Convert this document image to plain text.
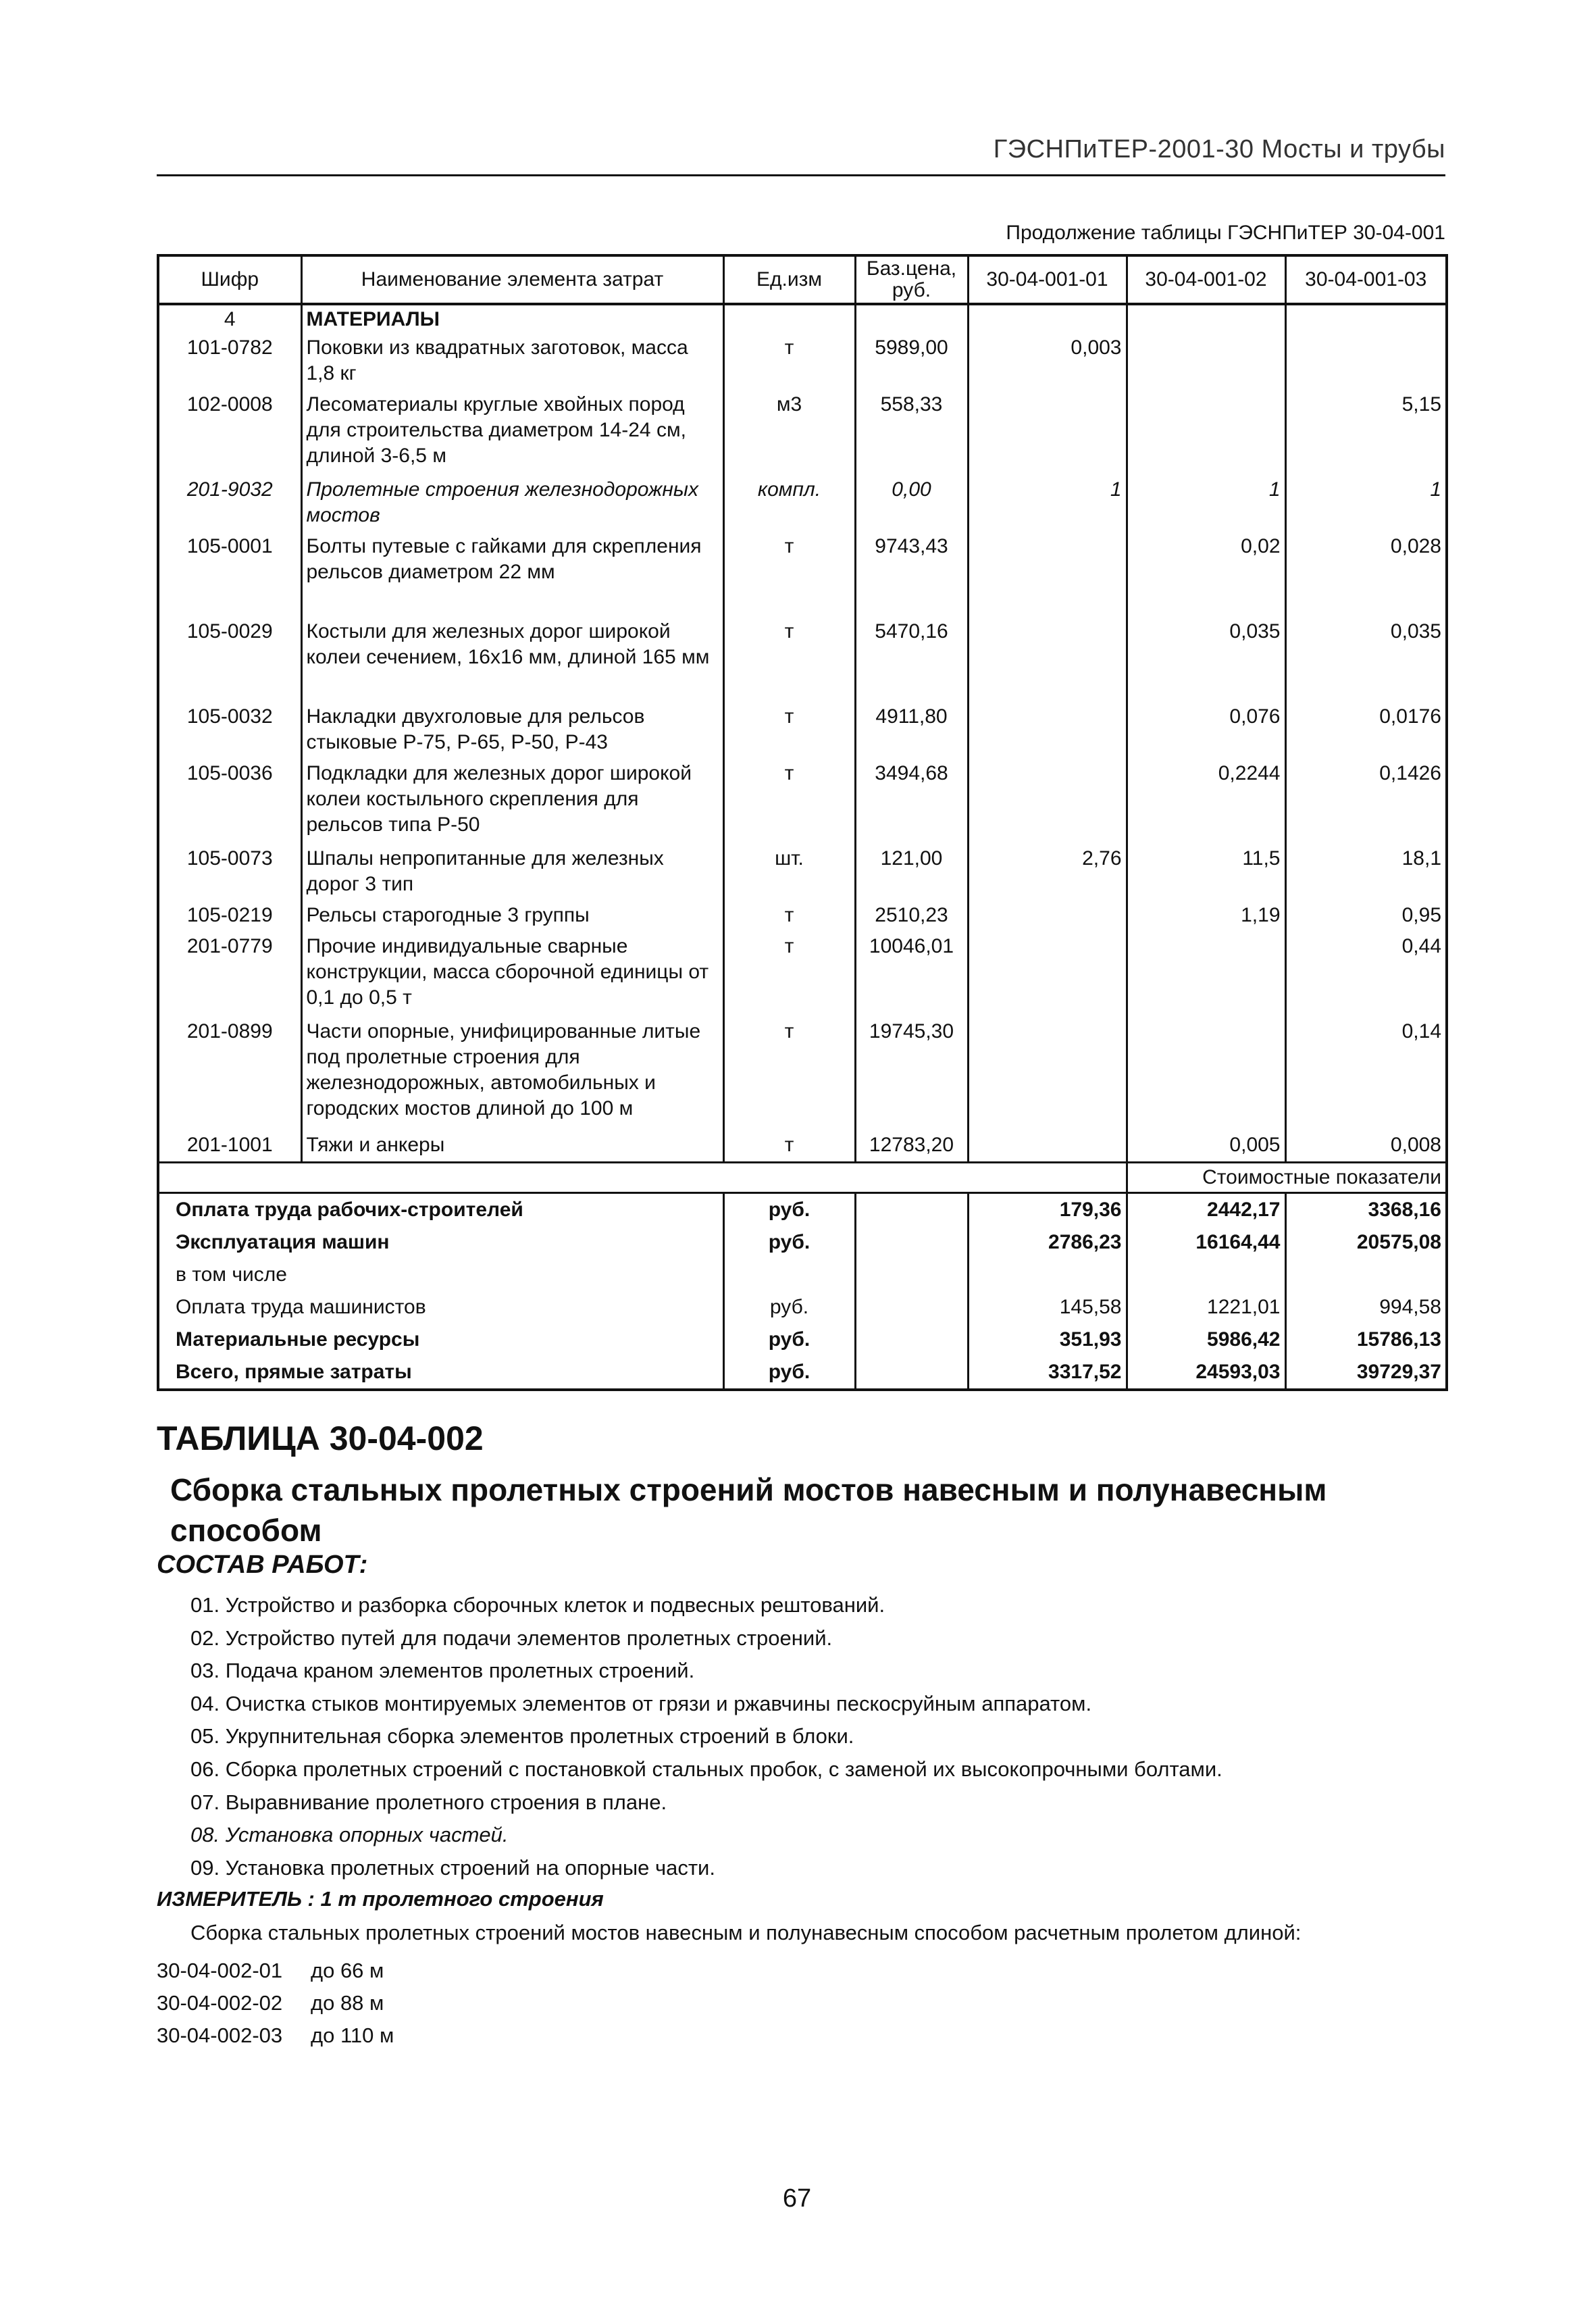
ГЭСНПиТЕР-2001-30 Мосты и трубы
Продолжение таблицы ГЭСНПиТЕР 30-04-001
Шифр	Наименование элемента затрат	Ед.изм	Баз.цена, руб.	30-04-001-01	30-04-001-02	30-04-001-03
4	МАТЕРИАЛЫ					
101-0782	Поковки из квадратных заготовок, масса 1,8 кг	т	5989,00	0,003		
102-0008	Лесоматериалы круглые хвойных пород для строительства диаметром 14-24 см, длиной 3-6,5 м	м3	558,33			5,15
201-9032	Пролетные строения железнодорожных мостов	компл.	0,00	1	1	1
105-0001	Болты путевые с гайками для скрепления рельсов диаметром 22 мм	т	9743,43		0,02	0,028
105-0029	Костыли для железных дорог широкой колеи сечением, 16х16 мм, длиной 165 мм	т	5470,16		0,035	0,035
105-0032	Накладки двухголовые для рельсов стыковые Р-75, Р-65, Р-50, Р-43	т	4911,80		0,076	0,0176
105-0036	Подкладки для железных дорог широкой колеи костыльного скрепления для рельсов типа Р-50	т	3494,68		0,2244	0,1426
105-0073	Шпалы непропитанные для железных дорог 3 тип	шт.	121,00	2,76	11,5	18,1
105-0219	Рельсы старогодные 3 группы	т	2510,23		1,19	0,95
201-0779	Прочие индивидуальные сварные конструкции, масса сборочной единицы от 0,1 до 0,5 т	т	10046,01			0,44
201-0899	Части опорные, унифицированные литые под пролетные строения для железнодорожных, автомобильных и городских мостов длиной до 100 м	т	19745,30			0,14
201-1001	Тяжи и анкеры	т	12783,20		0,005	0,008
					Стоимостные показатели	
Оплата труда рабочих-строителей		руб.		179,36	2442,17	3368,16
Эксплуатация машин		руб.		2786,23	16164,44	20575,08
в том числе						
Оплата труда машинистов		руб.		145,58	1221,01	994,58
Материальные ресурсы		руб.		351,93	5986,42	15786,13
Всего, прямые затраты		руб.		3317,52	24593,03	39729,37
ТАБЛИЦА 30-04-002
Сборка стальных пролетных строений мостов навесным и полунавесным способом
СОСТАВ РАБОТ:
01. Устройство и разборка сборочных клеток и подвесных рештований.
02. Устройство путей для подачи элементов пролетных строений.
03. Подача краном элементов пролетных строений.
04. Очистка стыков монтируемых элементов от грязи и ржавчины пескосруйным аппаратом.
05. Укрупнительная сборка элементов пролетных строений в блоки.
06. Сборка пролетных строений с постановкой стальных пробок, с заменой их высокопрочными болтами.
07. Выравнивание пролетного строения в плане.
08. Установка опорных частей.
09. Установка пролетных строений на опорные части.
ИЗМЕРИТЕЛЬ : 1 т пролетного строения
Сборка стальных пролетных строений мостов навесным и полунавесным способом расчетным пролетом длиной:
30-04-002-01 до 66 м
30-04-002-02 до 88 м
30-04-002-03 до 110 м
67
